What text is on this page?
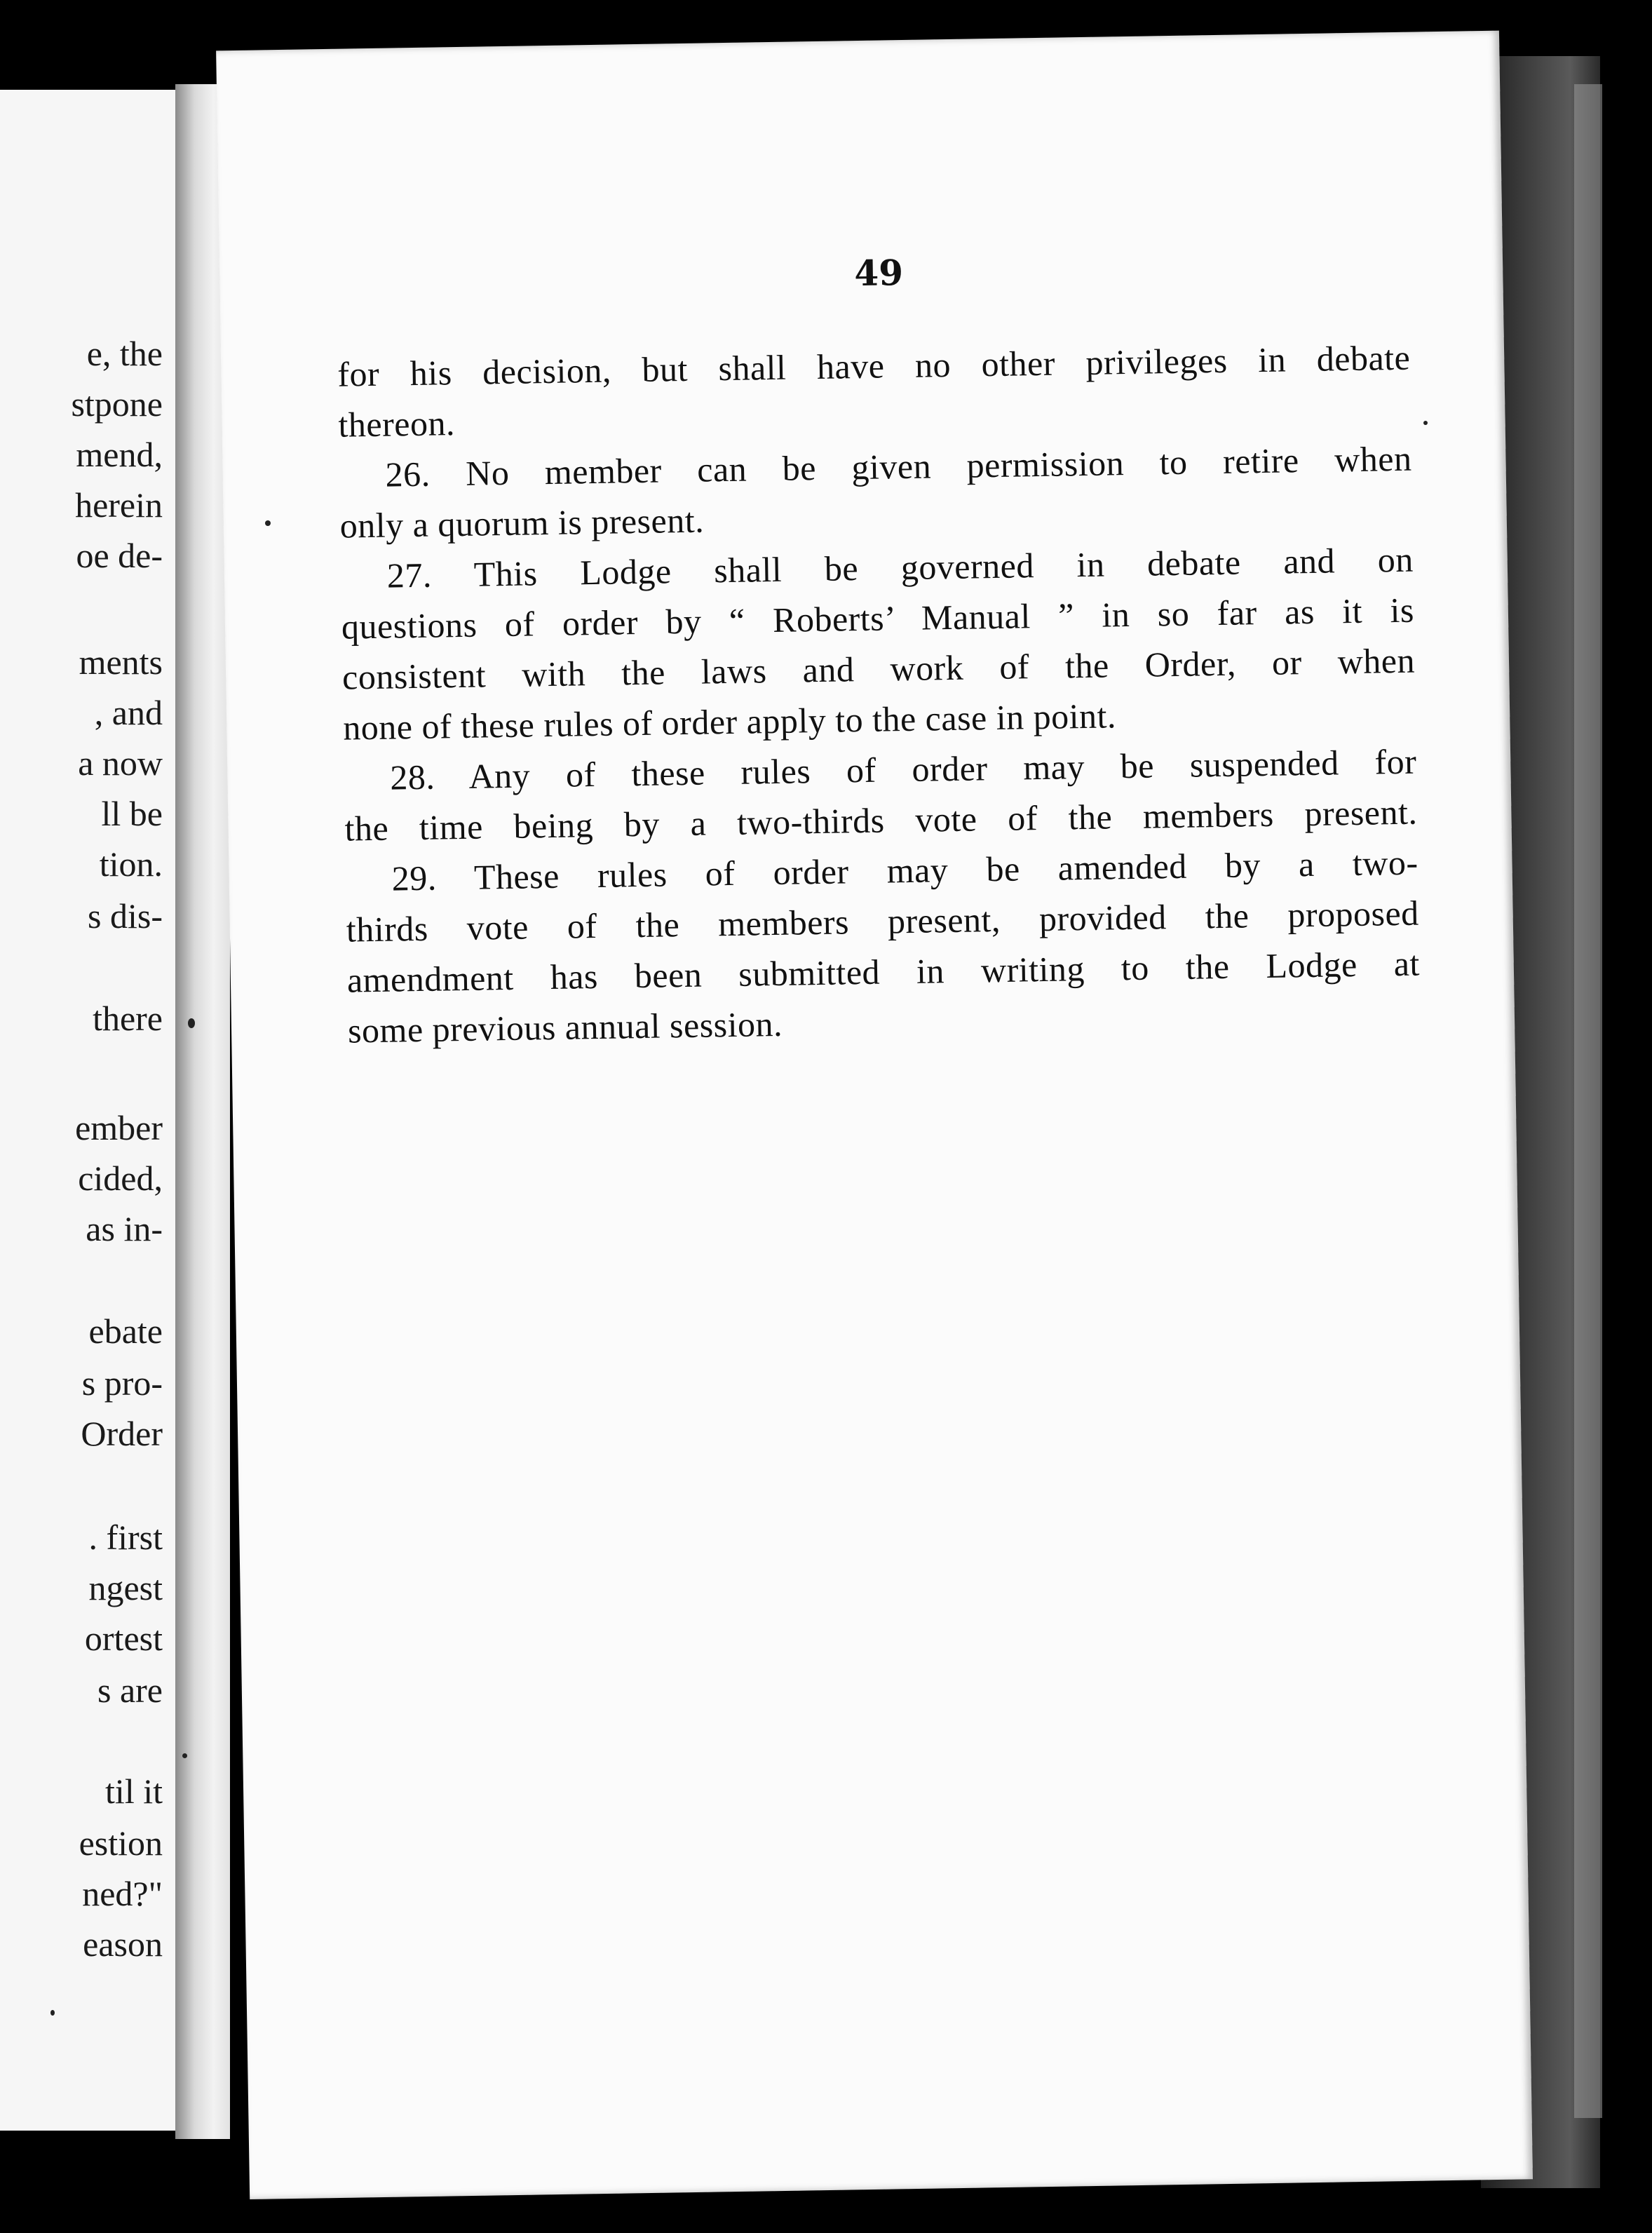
e, the
stpone
mend,
herein
oe de-
ments
, and
a now
ll be
tion.
s dis-
there
ember
cided,
as in-
ebate
s pro-
Order
. first
ngest
ortest
s are
til it
estion
ned?"
eason
49
for his decision, but shall have no other privileges in debate
thereon.
26. No member can be given permission to retire when
only a quorum is present.
27. This Lodge shall be governed in debate and on
questions of order by “ Roberts’ Manual ” in so far as it is
consistent with the laws and work of the Order, or when
none of these rules of order apply to the case in point.
28. Any of these rules of order may be suspended for
the time being by a two-thirds vote of the members present.
29. These rules of order may be amended by a two-
thirds vote of the members present, provided the proposed
amendment has been submitted in writing to the Lodge at
some previous annual session.
